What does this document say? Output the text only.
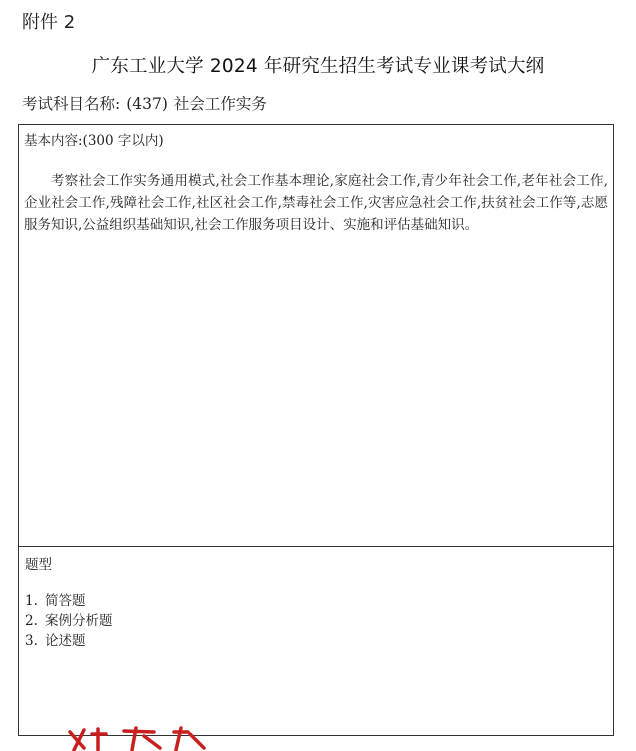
附件 2
广东工业大学 2024 年研究生招生考试专业课考试大纲
考试科目名称: (437) 社会工作实务
基本内容:(300 字以内)

考察社会工作实务通用模式,社会工作基本理论,家庭社会工作,青少年社会工作,老年社会工作,企业社会工作,残障社会工作,社区社会工作,禁毒社会工作,灾害应急社会工作,扶贫社会工作等,志愿服务知识,公益组织基础知识,社会工作服务项目设计、实施和评估基础知识。

题型
1. 简答题
2. 案例分析题
3. 论述题
